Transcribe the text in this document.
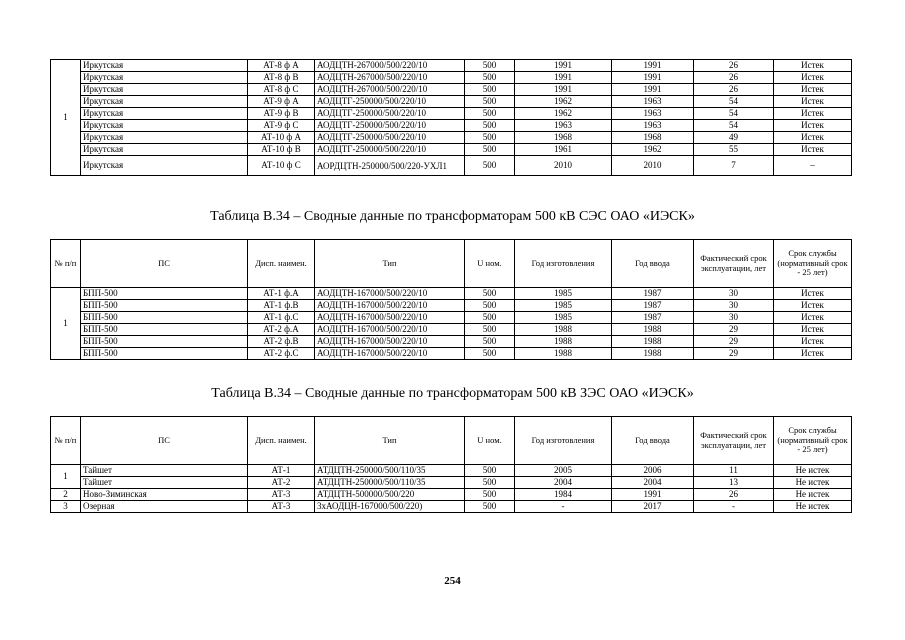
1	Иркутская	АТ-8 ф А	АОДЦТН-267000/500/220/10	500	1991	1991	26	Истек
	Иркутская	АТ-8 ф В	АОДЦТН-267000/500/220/10	500	1991	1991	26	Истек
	Иркутская	АТ-8 ф С	АОДЦТН-267000/500/220/10	500	1991	1991	26	Истек
	Иркутская	АТ-9 ф А	АОДЦТГ-250000/500/220/10	500	1962	1963	54	Истек
	Иркутская	АТ-9 ф В	АОДЦТГ-250000/500/220/10	500	1962	1963	54	Истек
	Иркутская	АТ-9 ф С	АОДЦТГ-250000/500/220/10	500	1963	1963	54	Истек
	Иркутская	АТ-10 ф А	АОДЦТГ-250000/500/220/10	500	1968	1968	49	Истек
	Иркутская	АТ-10 ф В	АОДЦТГ-250000/500/220/10	500	1961	1962	55	Истек
	Иркутская	АТ-10 ф С	АОРДЦТН-250000/500/220-УХЛ1	500	2010	2010	7	–
Таблица В.34 – Сводные данные по трансформаторам 500 кВ СЭС ОАО «ИЭСК»
№ п/п	ПС	Дисп. наимен.	Тип	U ном.	Год изготовления	Год ввода	Фактический срок эксплуатации, лет	Срок службы (нормативный срок - 25 лет)
1	БПП-500	АТ-1 ф.А	АОДЦТН-167000/500/220/10	500	1985	1987	30	Истек
	БПП-500	АТ-1 ф.В	АОДЦТН-167000/500/220/10	500	1985	1987	30	Истек
	БПП-500	АТ-1 ф.С	АОДЦТН-167000/500/220/10	500	1985	1987	30	Истек
	БПП-500	АТ-2 ф.А	АОДЦТН-167000/500/220/10	500	1988	1988	29	Истек
	БПП-500	АТ-2 ф.В	АОДЦТН-167000/500/220/10	500	1988	1988	29	Истек
	БПП-500	АТ-2 ф.С	АОДЦТН-167000/500/220/10	500	1988	1988	29	Истек
Таблица В.34 – Сводные данные по трансформаторам 500 кВ ЗЭС ОАО «ИЭСК»
№ п/п	ПС	Дисп. наимен.	Тип	U ном.	Год изготовления	Год ввода	Фактический срок эксплуатации, лет	Срок службы (нормативный срок - 25 лет)
1	Тайшет	АТ-1	АТДЦТН-250000/500/110/35	500	2005	2006	11	Не истек
	Тайшет	АТ-2	АТДЦТН-250000/500/110/35	500	2004	2004	13	Не истек
2	Ново-Зиминская	АТ-3	АТДЦТН-500000/500/220	500	1984	1991	26	Не истек
3	Озерная	АТ-3	3хАОДЦН-167000/500/220)	500	-	2017	-	Не истек
254
